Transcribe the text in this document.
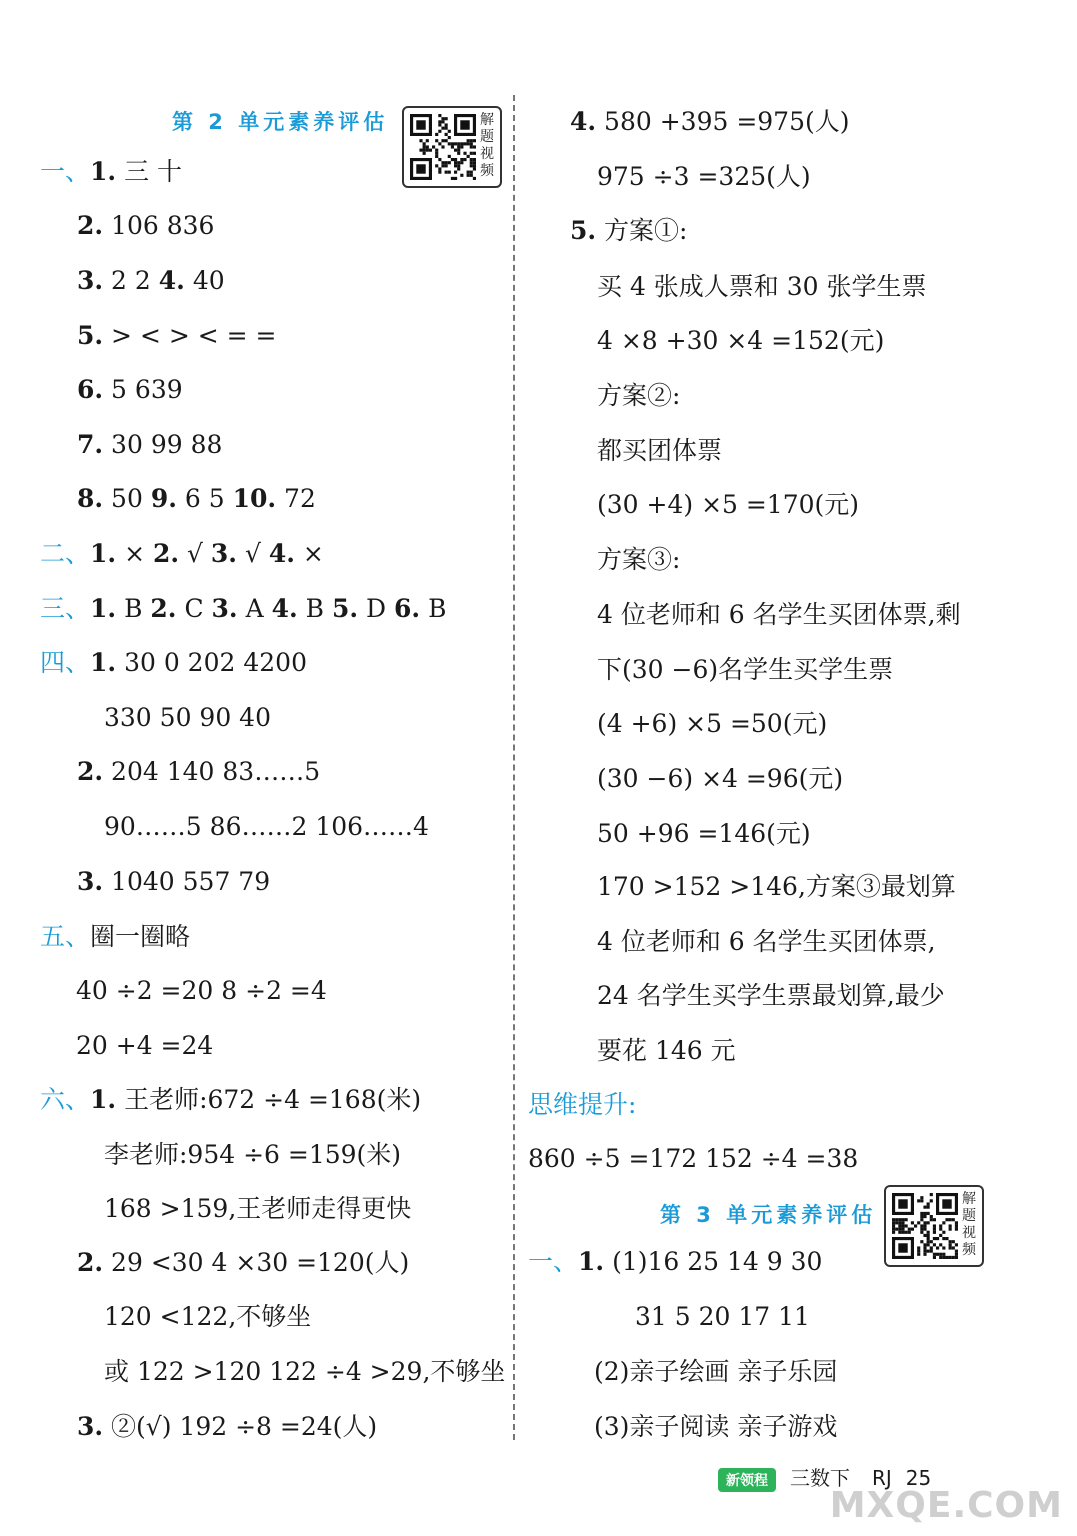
第 2 单元素养评估	解题视频
一、1. 三 十
2. 106 836
3. 2 2 4. 40
5. > < > < = =
6. 5 639
7. 30 99 88
8. 50 9. 6 5 10. 72
二、1. × 2. √ 3. √ 4. ×
三、1. B 2. C 3. A 4. B 5. D 6. B
四、1. 30 0 202 4200
330 50 90 40
2. 204 140 83……5
90……5 86……2 106……4
3. 1040 557 79
五、圈一圈略
40 ÷2 =20 8 ÷2 =4
20 +4 =24
六、1. 王老师:672 ÷4 =168(米)
李老师:954 ÷6 =159(米)
168 >159,王老师走得更快
2. 29 <30 4 ×30 =120(人)
120 <122,不够坐
或 122 >120 122 ÷4 >29,不够坐
3. ②(√) 192 ÷8 =24(人)
第 3 单元素养评估
解题视频
4. 580 +395 =975(人)
975 ÷3 =325(人)
5. 方案①:
买 4 张成人票和 30 张学生票
4 ×8 +30 ×4 =152(元)
方案②:
都买团体票
(30 +4) ×5 =170(元)
方案③:
4 位老师和 6 名学生买团体票,剩
下(30 −6)名学生买学生票
(4 +6) ×5 =50(元)
(30 −6) ×4 =96(元)
50 +96 =146(元)
170 >152 >146,方案③最划算
4 位老师和 6 名学生买团体票,
24 名学生买学生票最划算,最少
要花 146 元
思维提升:
860 ÷5 =172 152 ÷4 =38
一、1. (1)16 25 14 9 30
31 5 20 17 11
(2)亲子绘画 亲子乐园
(3)亲子阅读 亲子游戏
新领程 三数下 RJ 25
MXQE.COM
